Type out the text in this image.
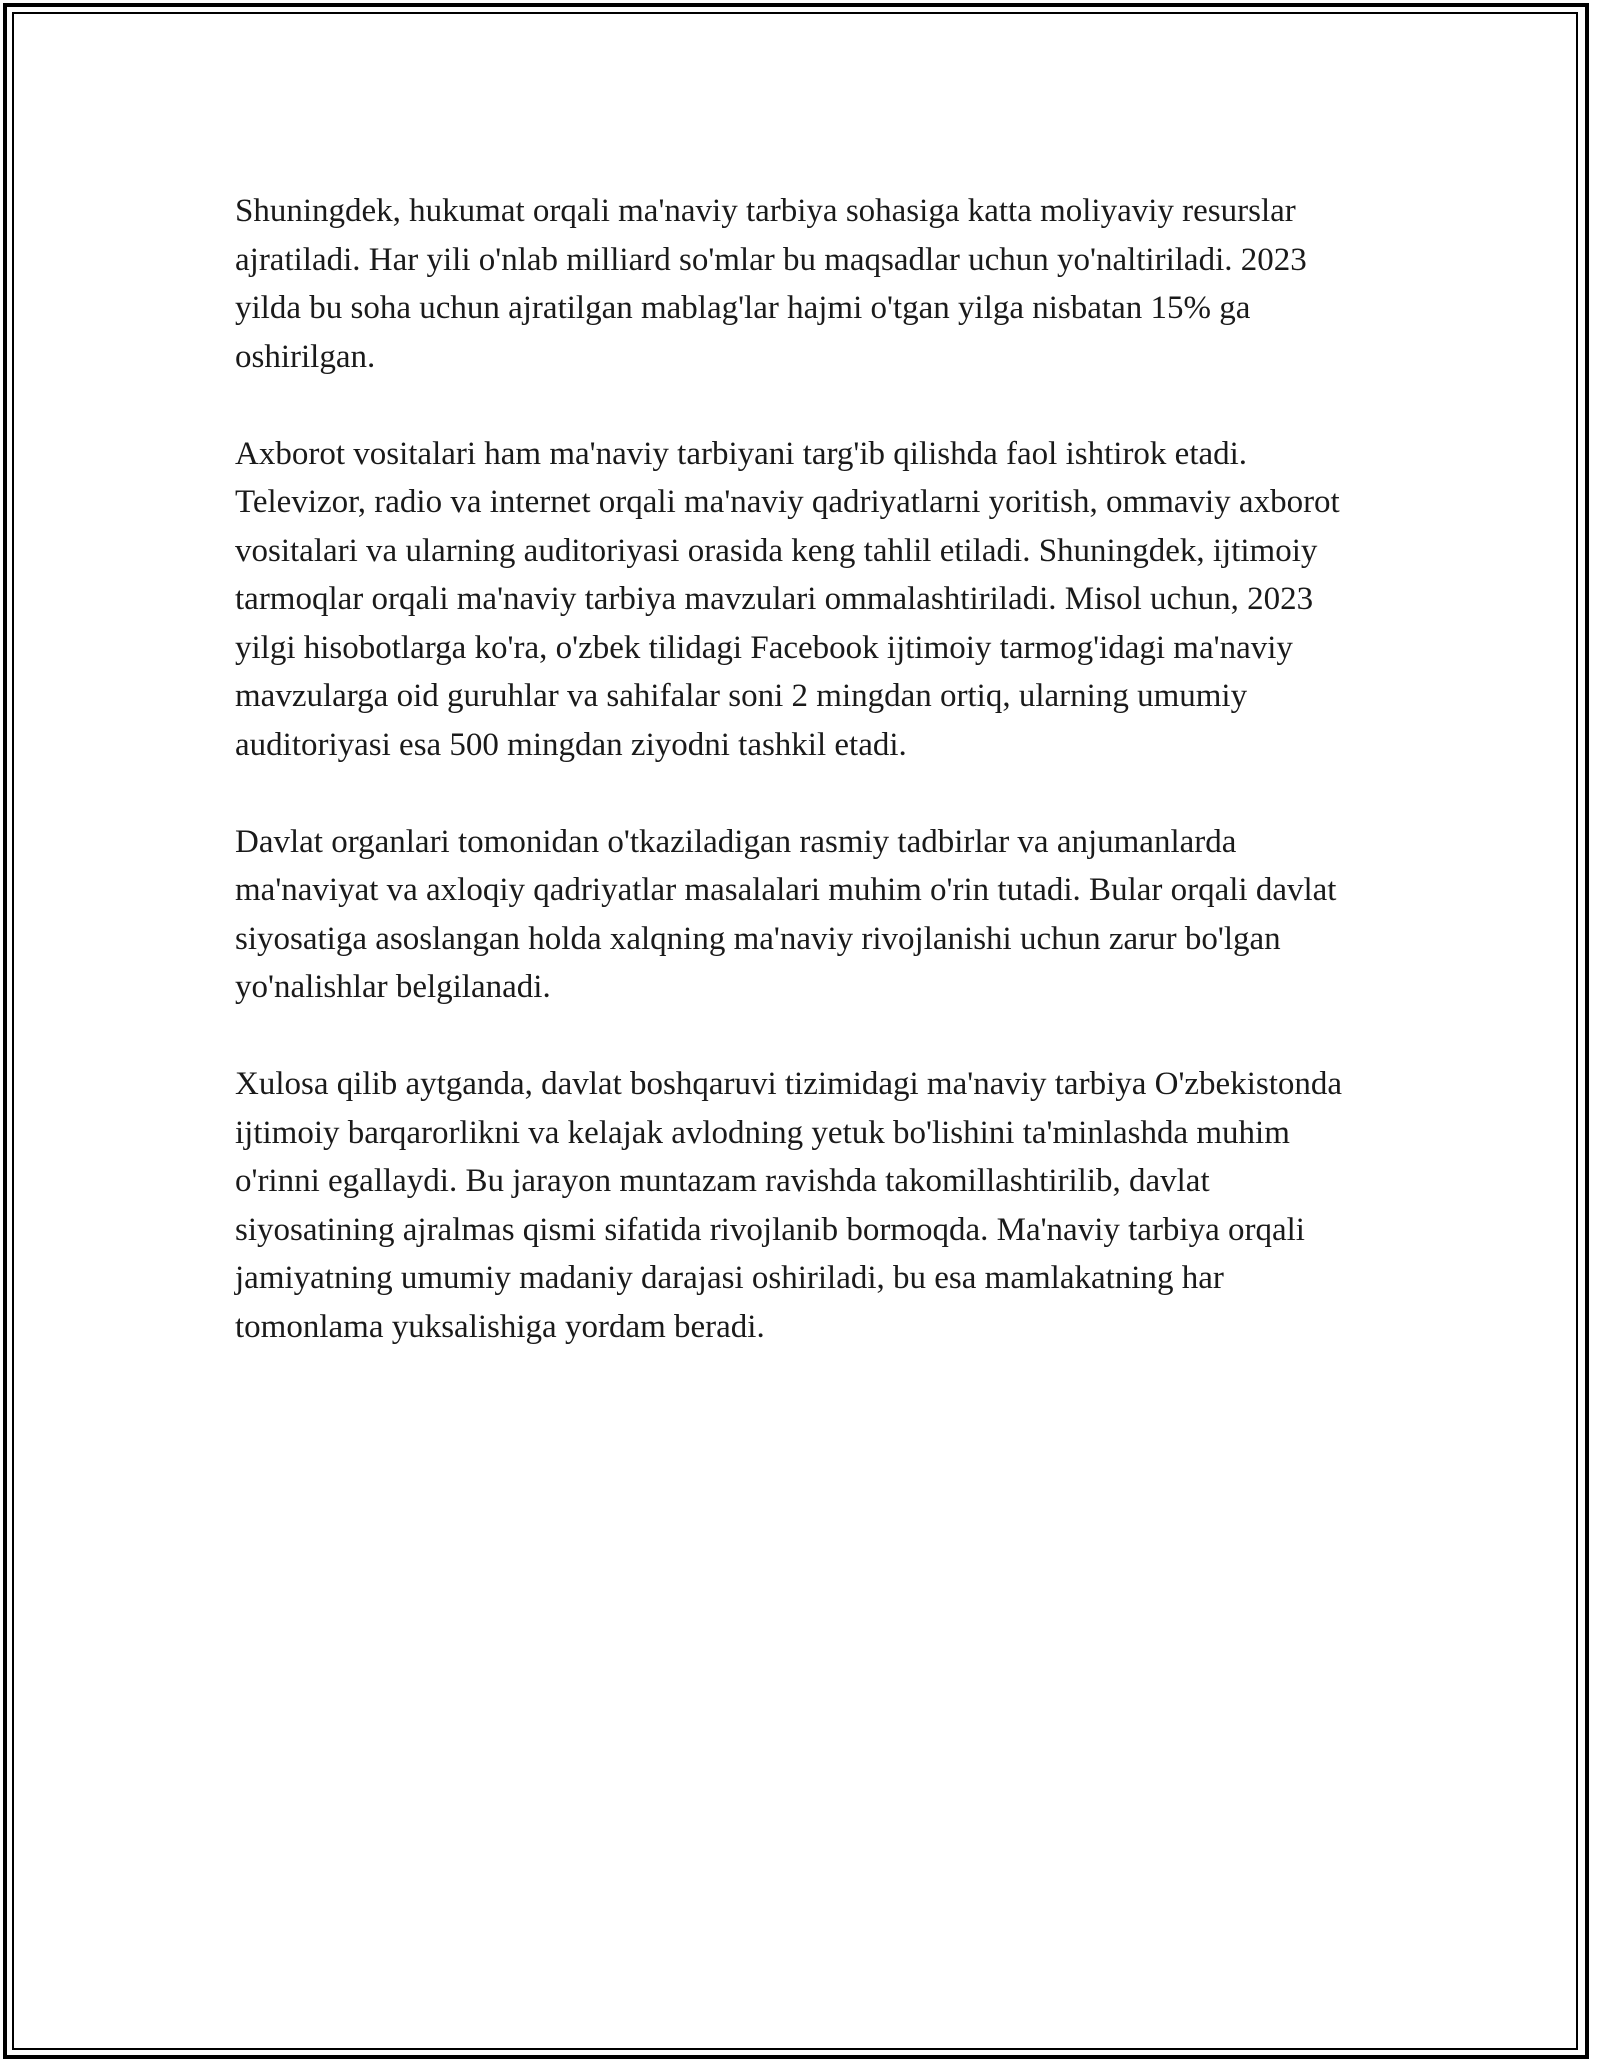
Shuningdek, hukumat orqali ma'naviy tarbiya sohasiga katta moliyaviy resurslar ajratiladi. Har yili o'nlab milliard so'mlar bu maqsadlar uchun yo'naltiriladi. 2023 yilda bu soha uchun ajratilgan mablag'lar hajmi o'tgan yilga nisbatan 15% ga oshirilgan.

Axborot vositalari ham ma'naviy tarbiyani targ'ib qilishda faol ishtirok etadi. Televizor, radio va internet orqali ma'naviy qadriyatlarni yoritish, ommaviy axborot vositalari va ularning auditoriyasi orasida keng tahlil etiladi. Shuningdek, ijtimoiy tarmoqlar orqali ma'naviy tarbiya mavzulari ommalashtiriladi. Misol uchun, 2023 yilgi hisobotlarga ko'ra, o'zbek tilidagi Facebook ijtimoiy tarmog'idagi ma'naviy mavzularga oid guruhlar va sahifalar soni 2 mingdan ortiq, ularning umumiy auditoriyasi esa 500 mingdan ziyodni tashkil etadi.

Davlat organlari tomonidan o'tkaziladigan rasmiy tadbirlar va anjumanlarda ma'naviyat va axloqiy qadriyatlar masalalari muhim o'rin tutadi. Bular orqali davlat siyosatiga asoslangan holda xalqning ma'naviy rivojlanishi uchun zarur bo'lgan yo'nalishlar belgilanadi.

Xulosa qilib aytganda, davlat boshqaruvi tizimidagi ma'naviy tarbiya O'zbekistonda ijtimoiy barqarorlikni va kelajak avlodning yetuk bo'lishini ta'minlashda muhim o'rinni egallaydi. Bu jarayon muntazam ravishda takomillashtirilib, davlat siyosatining ajralmas qismi sifatida rivojlanib bormoqda. Ma'naviy tarbiya orqali jamiyatning umumiy madaniy darajasi oshiriladi, bu esa mamlakatning har tomonlama yuksalishiga yordam beradi.
